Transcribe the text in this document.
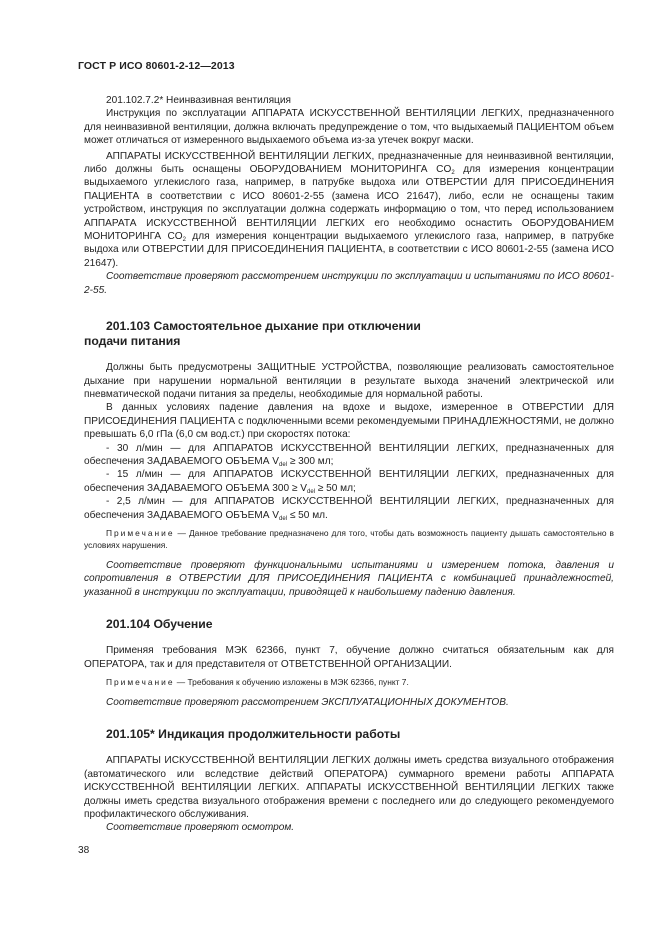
ГОСТ Р ИСО 80601-2-12—2013

201.102.7.2* Неинвазивная вентиляция

Инструкция по эксплуатации АППАРАТА ИСКУССТВЕННОЙ ВЕНТИЛЯЦИИ ЛЕГКИХ, предназначенного для неинвазивной вентиляции, должна включать предупреждение о том, что выдыхаемый ПАЦИЕНТОМ объем может отличаться от измеренного выдыхаемого объема из-за утечек вокруг маски.

АППАРАТЫ ИСКУССТВЕННОЙ ВЕНТИЛЯЦИИ ЛЕГКИХ, предназначенные для неинвазивной вентиляции, либо должны быть оснащены ОБОРУДОВАНИЕМ МОНИТОРИНГА CO2 для измерения концентрации выдыхаемого углекислого газа, например, в патрубке выдоха или ОТВЕРСТИИ ДЛЯ ПРИСОЕДИНЕНИЯ ПАЦИЕНТА в соответствии с ИСО 80601-2-55 (замена ИСО 21647), либо, если не оснащены таким устройством, инструкция по эксплуатации должна содержать информацию о том, что перед использованием АППАРАТА ИСКУССТВЕННОЙ ВЕНТИЛЯЦИИ ЛЕГКИХ его необходимо оснастить ОБОРУДОВАНИЕМ МОНИТОРИНГА CO2 для измерения концентрации выдыхаемого углекислого газа, например, в патрубке выдоха или ОТВЕРСТИИ ДЛЯ ПРИСОЕДИНЕНИЯ ПАЦИЕНТА, в соответствии с ИСО 80601-2-55 (замена ИСО 21647).

Соответствие проверяют рассмотрением инструкции по эксплуатации и испытаниями по ИСО 80601-2-55.

201.103 Самостоятельное дыхание при отключении
подачи питания

Должны быть предусмотрены ЗАЩИТНЫЕ УСТРОЙСТВА, позволяющие реализовать самостоятельное дыхание при нарушении нормальной вентиляции в результате выхода значений электрической или пневматической подачи питания за пределы, необходимые для нормальной работы.

В данных условиях падение давления на вдохе и выдохе, измеренное в ОТВЕРСТИИ ДЛЯ ПРИСОЕДИНЕНИЯ ПАЦИЕНТА с подключенными всеми рекомендуемыми ПРИНАДЛЕЖНОСТЯМИ, не должно превышать 6,0 гПа (6,0 см вод.ст.) при скоростях потока:

- 30 л/мин — для АППАРАТОВ ИСКУССТВЕННОЙ ВЕНТИЛЯЦИИ ЛЕГКИХ, предназначенных для обеспечения ЗАДАВАЕМОГО ОБЪЕМА Vdel ≥ 300 мл;

- 15 л/мин — для АППАРАТОВ ИСКУССТВЕННОЙ ВЕНТИЛЯЦИИ ЛЕГКИХ, предназначенных для обеспечения ЗАДАВАЕМОГО ОБЪЕМА 300 ≥ Vdel ≥ 50 мл;

- 2,5 л/мин — для АППАРАТОВ ИСКУССТВЕННОЙ ВЕНТИЛЯЦИИ ЛЕГКИХ, предназначенных для обеспечения ЗАДАВАЕМОГО ОБЪЕМА Vdel ≤ 50 мл.

Примечание — Данное требование предназначено для того, чтобы дать возможность пациенту дышать самостоятельно в условиях нарушения.

Соответствие проверяют функциональными испытаниями и измерением потока, давления и сопротивления в ОТВЕРСТИИ ДЛЯ ПРИСОЕДИНЕНИЯ ПАЦИЕНТА с комбинацией принадлежностей, указанной в инструкции по эксплуатации, приводящей к наибольшему падению давления.

201.104 Обучение

Применяя требования МЭК 62366, пункт 7, обучение должно считаться обязательным как для ОПЕРАТОРА, так и для представителя от ОТВЕТСТВЕННОЙ ОРГАНИЗАЦИИ.

Примечание — Требования к обучению изложены в МЭК 62366, пункт 7.

Соответствие проверяют рассмотрением ЭКСПЛУАТАЦИОННЫХ ДОКУМЕНТОВ.

201.105* Индикация продолжительности работы

АППАРАТЫ ИСКУССТВЕННОЙ ВЕНТИЛЯЦИИ ЛЕГКИХ должны иметь средства визуального отображения (автоматического или вследствие действий ОПЕРАТОРА) суммарного времени работы АППАРАТА ИСКУССТВЕННОЙ ВЕНТИЛЯЦИИ ЛЕГКИХ. АППАРАТЫ ИСКУССТВЕННОЙ ВЕНТИЛЯЦИИ ЛЕГКИХ также должны иметь средства визуального отображения времени с последнего или до следующего рекомендуемого профилактического обслуживания.

Соответствие проверяют осмотром.

38
